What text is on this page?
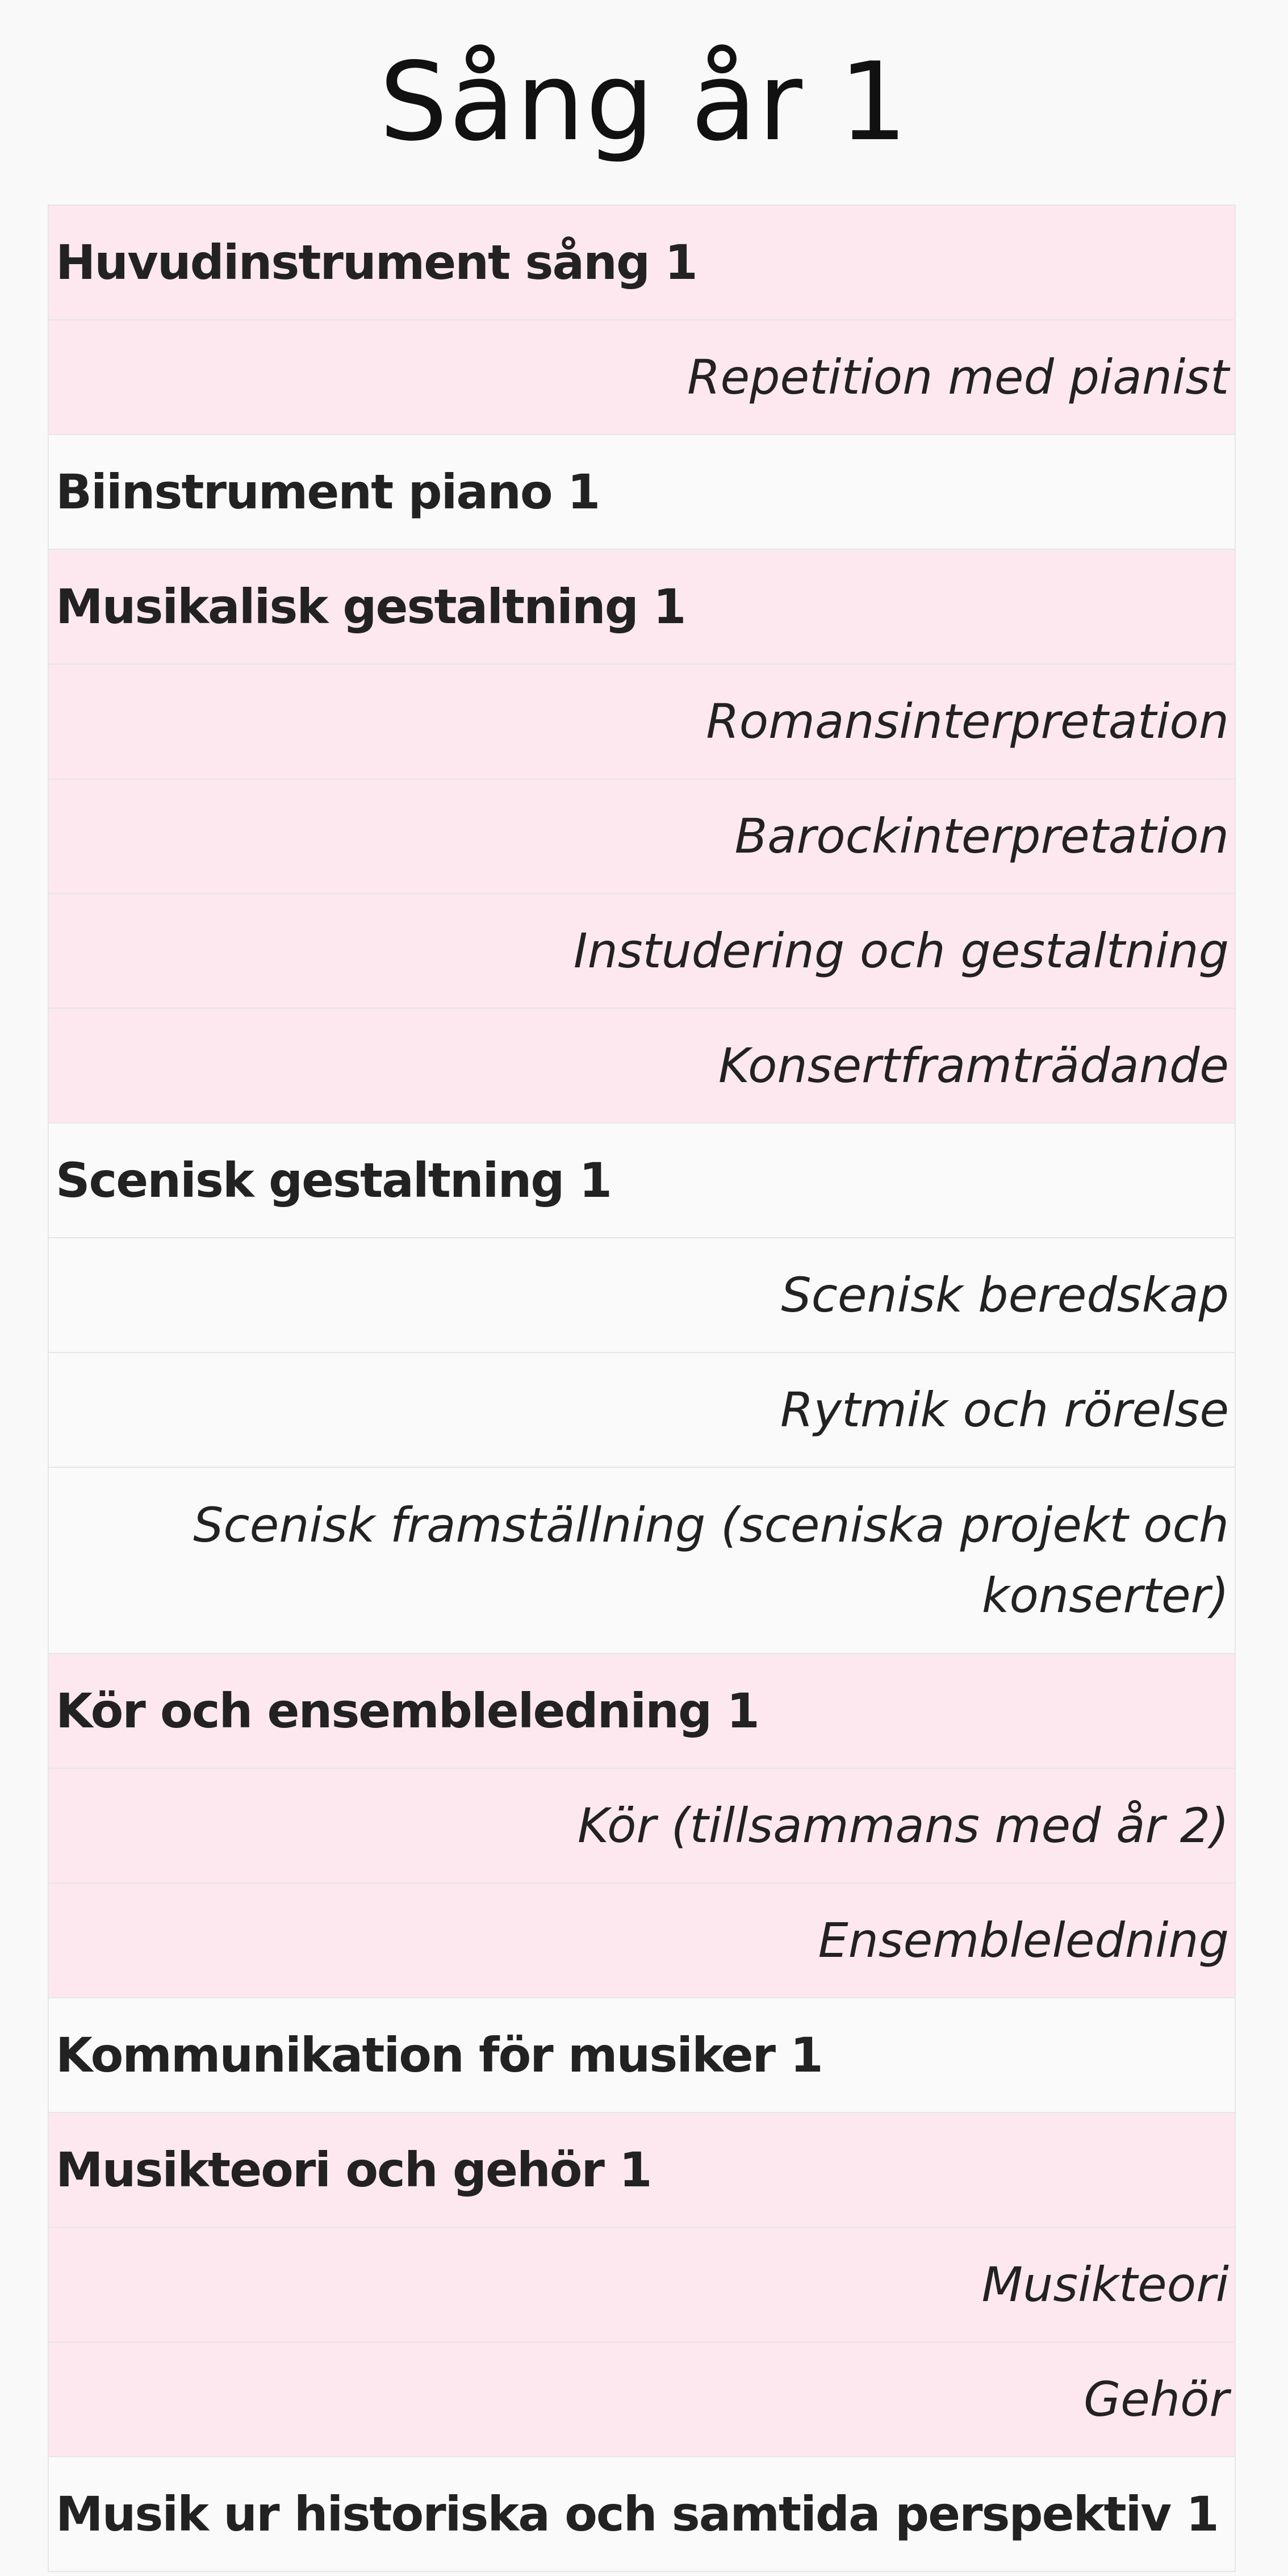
Sång år 1
Huvudinstrument sång 1
Repetition med pianist
Biinstrument piano 1
Musikalisk gestaltning 1
Romansinterpretation
Barockinterpretation
Instudering och gestaltning
Konsertframträdande
Scenisk gestaltning 1
Scenisk beredskap
Rytmik och rörelse
Scenisk framställning (sceniska projekt och konserter)
Kör och ensembleledning 1
Kör (tillsammans med år 2)
Ensembleledning
Kommunikation för musiker 1
Musikteori och gehör 1
Musikteori
Gehör
Musik ur historiska och samtida perspektiv 1
